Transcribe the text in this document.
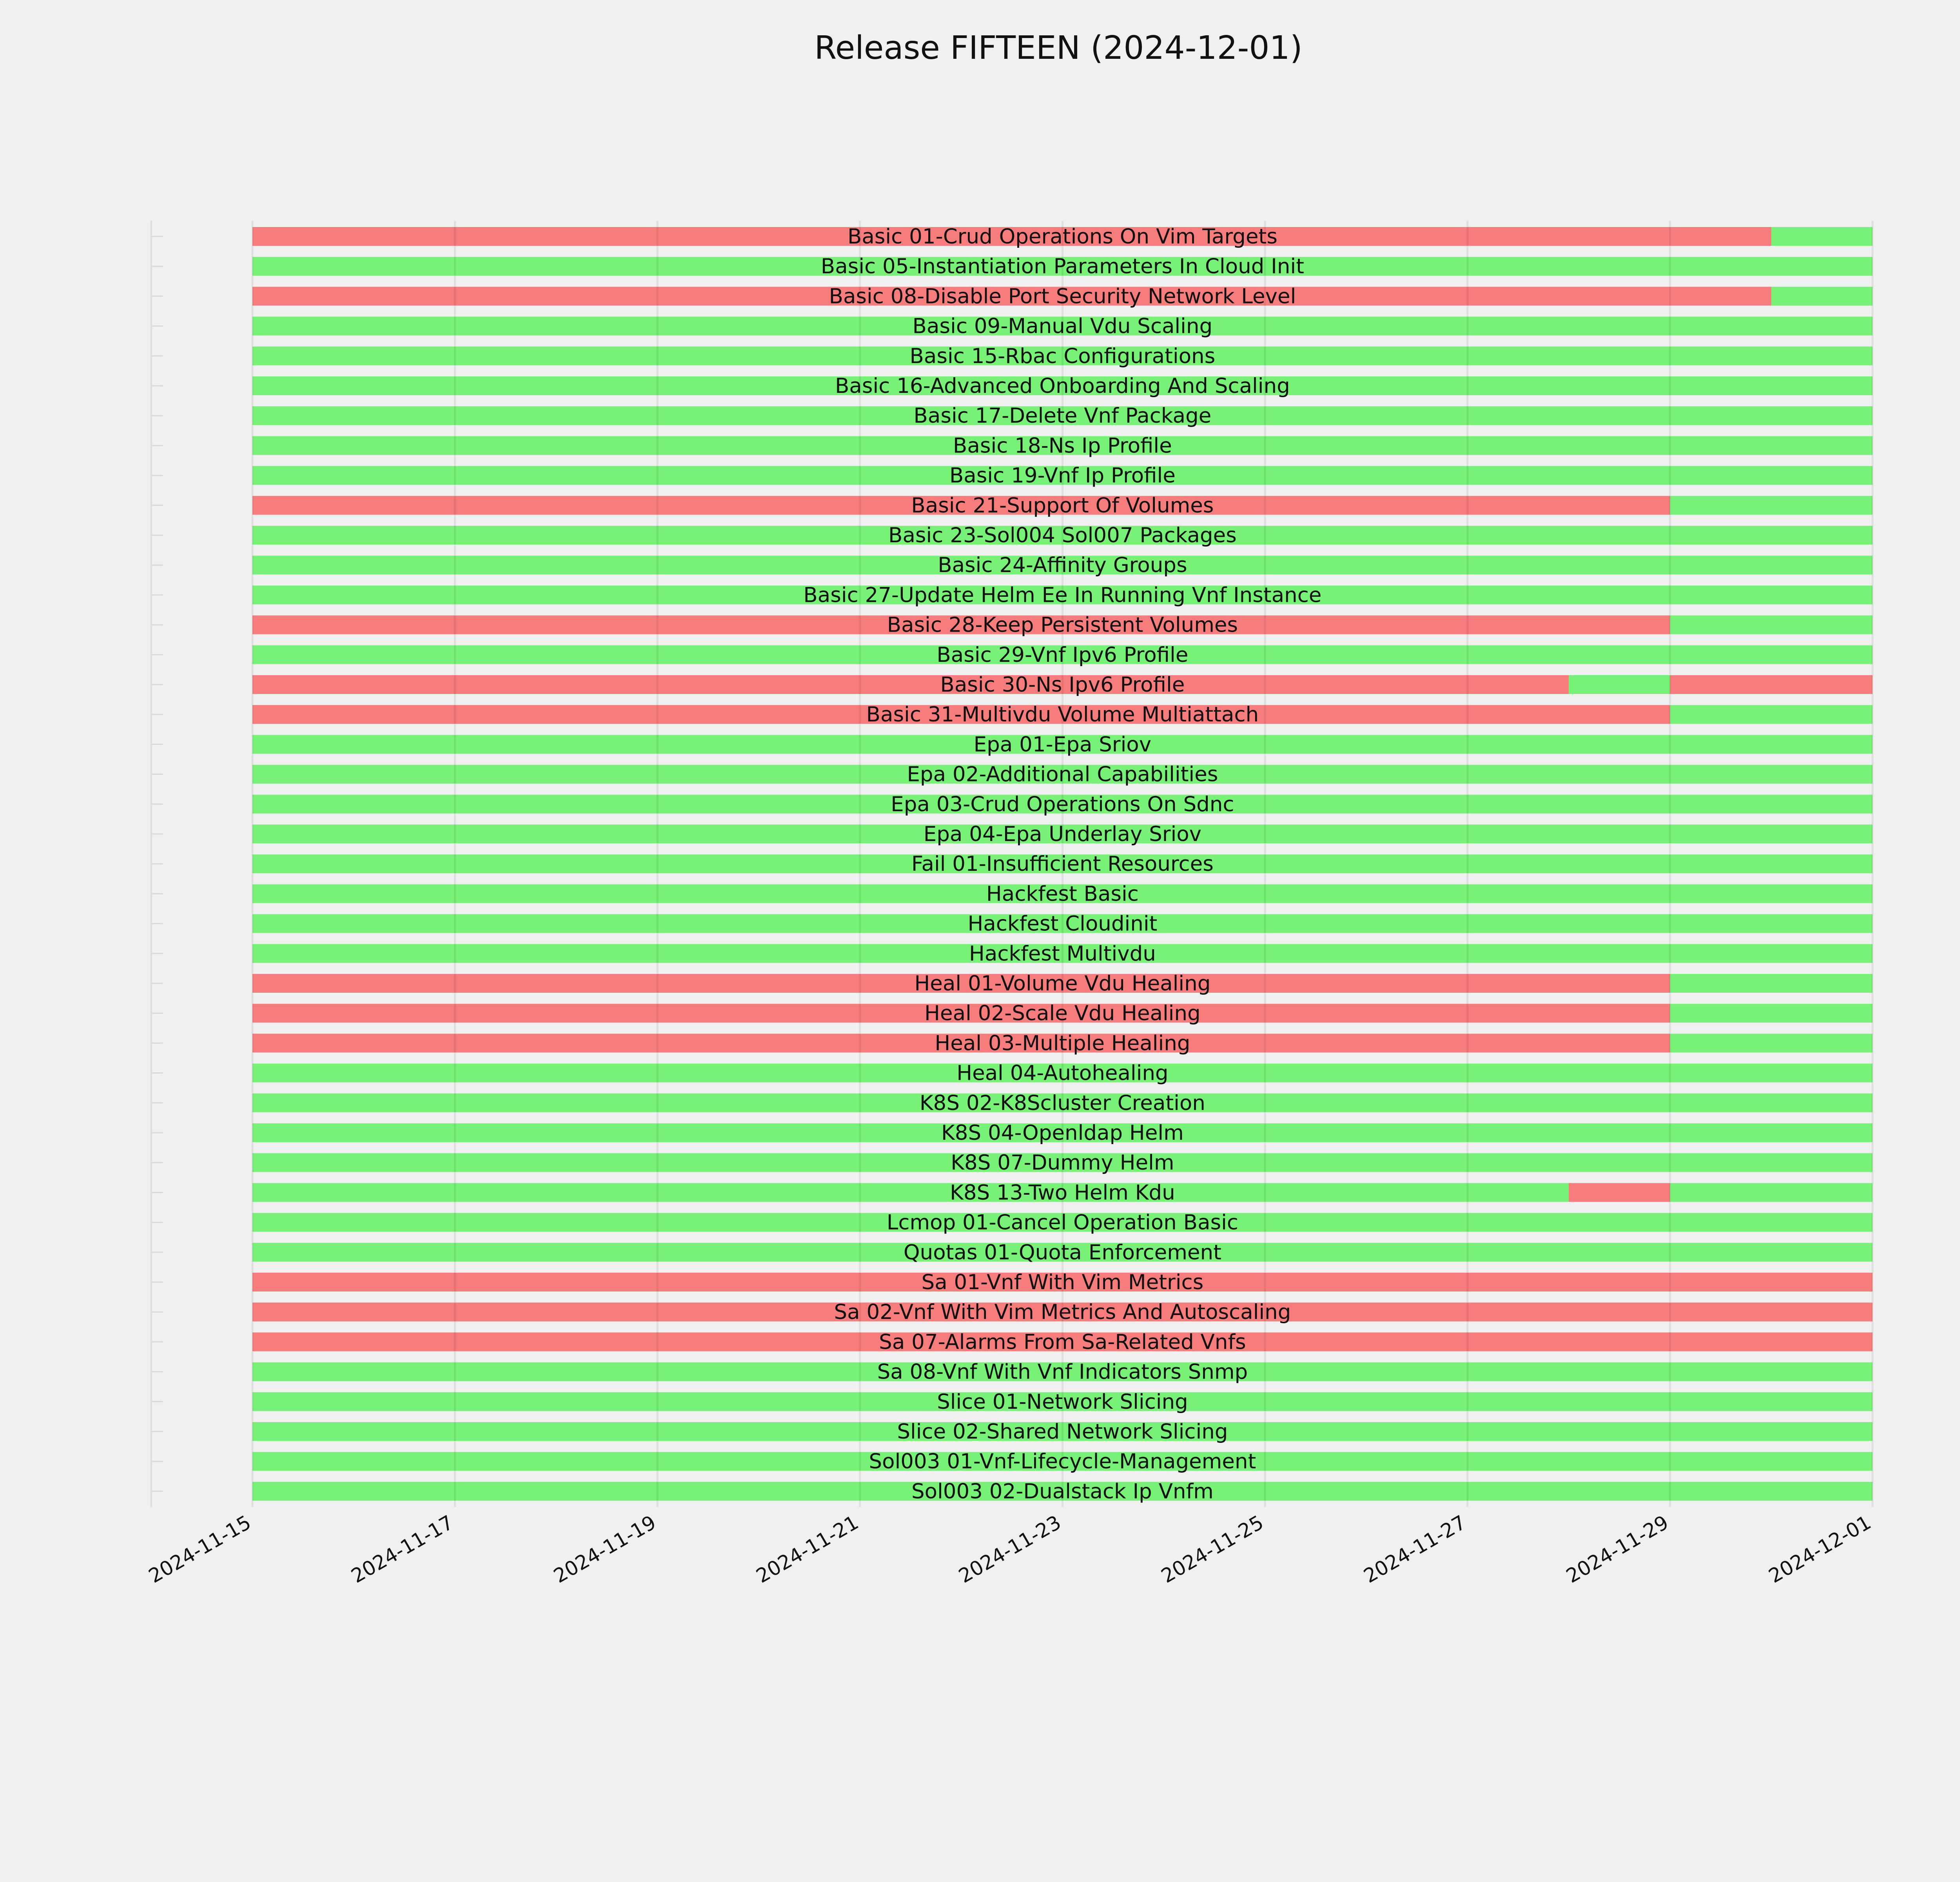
Release FIFTEEN (2024-12-01)
Basic 01-Crud Operations On Vim Targets
Basic 05-Instantiation Parameters In Cloud Init
Basic 08-Disable Port Security Network Level
Basic 09-Manual Vdu Scaling
Basic 15-Rbac Configurations
Basic 16-Advanced Onboarding And Scaling
Basic 17-Delete Vnf Package
Basic 18-Ns Ip Profile
Basic 19-Vnf Ip Profile
Basic 21-Support Of Volumes
Basic 23-Sol004 Sol007 Packages
Basic 24-Affinity Groups
Basic 27-Update Helm Ee In Running Vnf Instance
Basic 28-Keep Persistent Volumes
Basic 29-Vnf Ipv6 Profile
Basic 30-Ns Ipv6 Profile
Basic 31-Multivdu Volume Multiattach
Epa 01-Epa Sriov
Epa 02-Additional Capabilities
Epa 03-Crud Operations On Sdnc
Epa 04-Epa Underlay Sriov
Fail 01-Insufficient Resources
Hackfest Basic
Hackfest Cloudinit
Hackfest Multivdu
Heal 01-Volume Vdu Healing
Heal 02-Scale Vdu Healing
Heal 03-Multiple Healing
Heal 04-Autohealing
K8S 02-K8Scluster Creation
K8S 04-Openldap Helm
K8S 07-Dummy Helm
K8S 13-Two Helm Kdu
Lcmop 01-Cancel Operation Basic
Quotas 01-Quota Enforcement
Sa 01-Vnf With Vim Metrics
Sa 02-Vnf With Vim Metrics And Autoscaling
Sa 07-Alarms From Sa-Related Vnfs
Sa 08-Vnf With Vnf Indicators Snmp
Slice 01-Network Slicing
Slice 02-Shared Network Slicing
Sol003 01-Vnf-Lifecycle-Management
Sol003 02-Dualstack Ip Vnfm
2024-11-15	2024-11-17	2024-11-19	2024-11-21	2024-11-23	2024-11-25	2024-11-27	2024-11-29	2024-12-01
